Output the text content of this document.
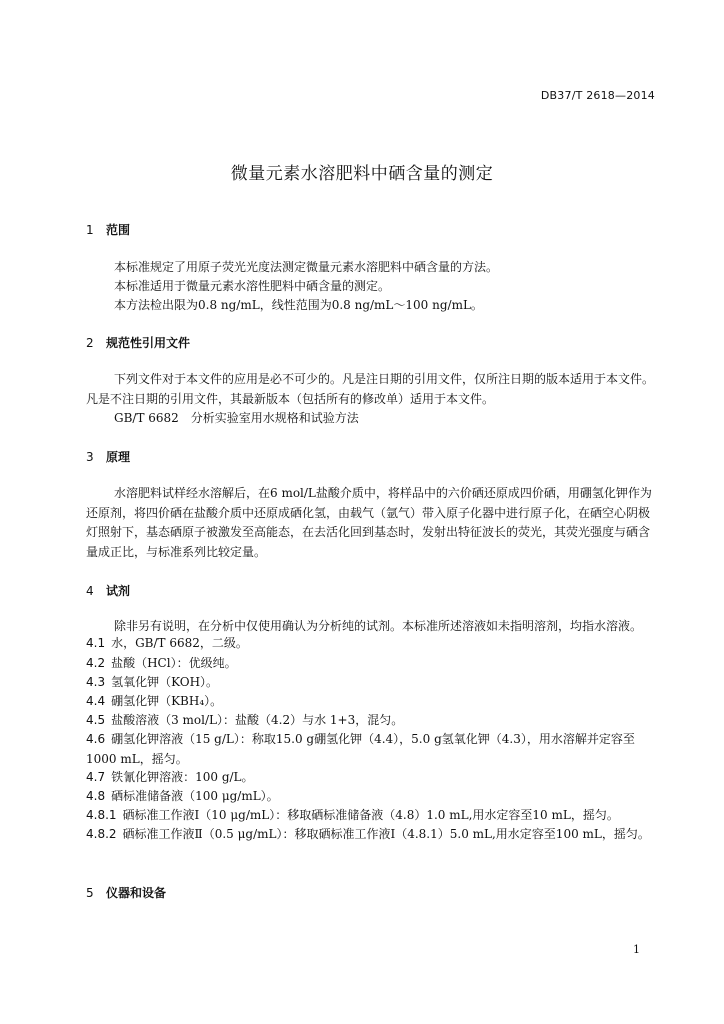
DB37/T 2618—2014
微量元素水溶肥料中硒含量的测定
1 范围
本标准规定了用原子荧光光度法测定微量元素水溶肥料中硒含量的方法。
本标准适用于微量元素水溶性肥料中硒含量的测定。
本方法检出限为0.8 ng/mL，线性范围为0.8 ng/mL～100 ng/mL。
2 规范性引用文件
下列文件对于本文件的应用是必不可少的。凡是注日期的引用文件，仅所注日期的版本适用于本文件。凡是不注日期的引用文件，其最新版本（包括所有的修改单）适用于本文件。
GB/T 6682　分析实验室用水规格和试验方法
3 原理
水溶肥料试样经水溶解后，在6 mol/L盐酸介质中，将样品中的六价硒还原成四价硒，用硼氢化钾作为还原剂，将四价硒在盐酸介质中还原成硒化氢，由载气（氩气）带入原子化器中进行原子化，在硒空心阴极灯照射下，基态硒原子被激发至高能态，在去活化回到基态时，发射出特征波长的荧光，其荧光强度与硒含量成正比，与标准系列比较定量。
4 试剂
除非另有说明，在分析中仅使用确认为分析纯的试剂。本标准所述溶液如未指明溶剂，均指水溶液。
4.1 水，GB/T 6682，二级。
4.2 盐酸（HCl）：优级纯。
4.3 氢氧化钾（KOH）。
4.4 硼氢化钾（KBH₄）。
4.5 盐酸溶液（3 mol/L）：盐酸（4.2）与水 1+3，混匀。
4.6 硼氢化钾溶液（15 g/L）：称取15.0 g硼氢化钾（4.4），5.0 g氢氧化钾（4.3），用水溶解并定容至1000 mL，摇匀。
4.7 铁氰化钾溶液：100 g/L。
4.8 硒标准储备液（100 μg/mL）。
4.8.1 硒标准工作液Ⅰ（10 μg/mL）：移取硒标准储备液（4.8）1.0 mL,用水定容至10 mL，摇匀。
4.8.2 硒标准工作液Ⅱ（0.5 μg/mL）：移取硒标准工作液Ⅰ（4.8.1）5.0 mL,用水定容至100 mL，摇匀。
5 仪器和设备
1
